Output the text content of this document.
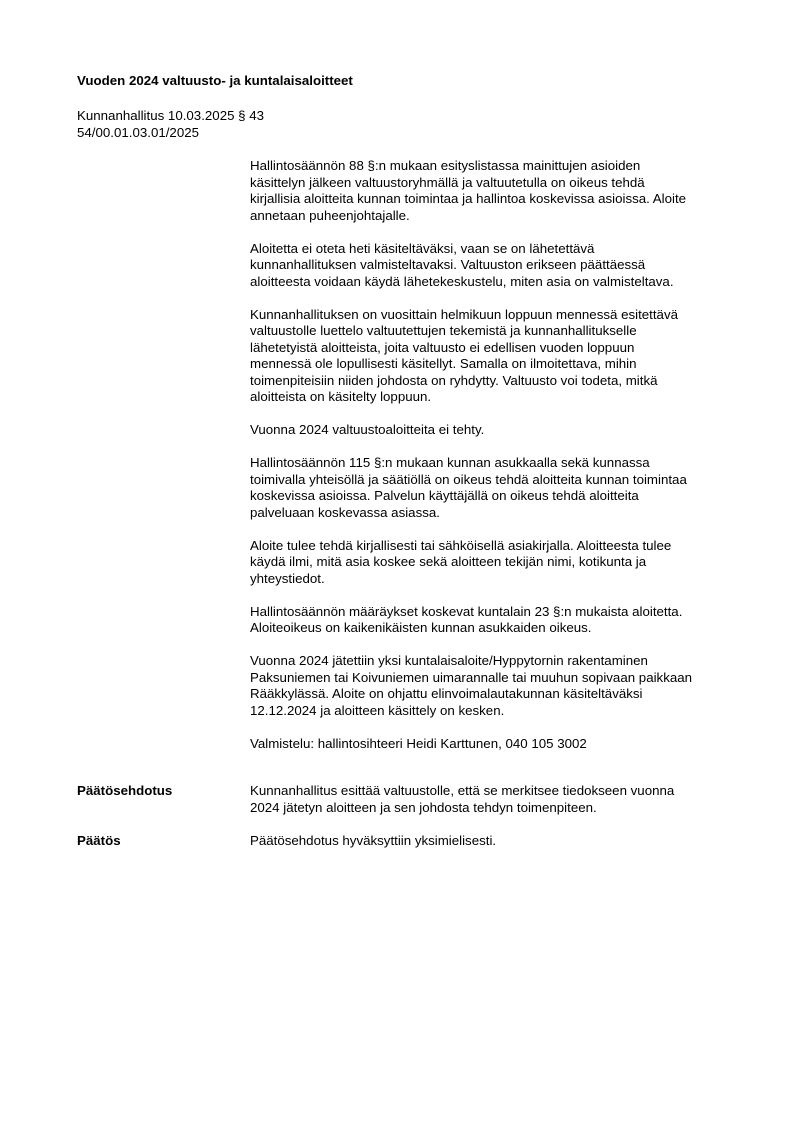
Vuoden 2024 valtuusto- ja kuntalaisaloitteet
Kunnanhallitus 10.03.2025 § 43
54/00.01.03.01/2025
Hallintosäännön 88 §:n mukaan esityslistassa mainittujen asioiden
käsittelyn jälkeen valtuustoryhmällä ja valtuutetulla on oikeus tehdä
kirjallisia aloitteita kunnan toimintaa ja hallintoa koskevissa asioissa. Aloite
annetaan puheenjohtajalle.
Aloitetta ei oteta heti käsiteltäväksi, vaan se on lähetettävä
kunnanhallituksen valmisteltavaksi. Valtuuston erikseen päättäessä
aloitteesta voidaan käydä lähetekeskustelu, miten asia on valmisteltava.
Kunnanhallituksen on vuosittain helmikuun loppuun mennessä esitettävä
valtuustolle luettelo valtuutettujen tekemistä ja kunnanhallitukselle
lähetetyistä aloitteista, joita valtuusto ei edellisen vuoden loppuun
mennessä ole lopullisesti käsitellyt. Samalla on ilmoitettava, mihin
toimenpiteisiin niiden johdosta on ryhdytty. Valtuusto voi todeta, mitkä
aloitteista on käsitelty loppuun.
Vuonna 2024 valtuustoaloitteita ei tehty.
Hallintosäännön 115 §:n mukaan kunnan asukkaalla sekä kunnassa
toimivalla yhteisöllä ja säätiöllä on oikeus tehdä aloitteita kunnan toimintaa
koskevissa asioissa. Palvelun käyttäjällä on oikeus tehdä aloitteita
palveluaan koskevassa asiassa.
Aloite tulee tehdä kirjallisesti tai sähköisellä asiakirjalla. Aloitteesta tulee
käydä ilmi, mitä asia koskee sekä aloitteen tekijän nimi, kotikunta ja
yhteystiedot.
Hallintosäännön määräykset koskevat kuntalain 23 §:n mukaista aloitetta.
Aloiteoikeus on kaikenikäisten kunnan asukkaiden oikeus.
Vuonna 2024 jätettiin yksi kuntalaisaloite/Hyppytornin rakentaminen
Paksuniemen tai Koivuniemen uimarannalle tai muuhun sopivaan paikkaan
Rääkkylässä. Aloite on ohjattu elinvoimalautakunnan käsiteltäväksi
12.12.2024 ja aloitteen käsittely on kesken.
Valmistelu: hallintosihteeri Heidi Karttunen, 040 105 3002
Päätösehdotus	Kunnanhallitus esittää valtuustolle, että se merkitsee tiedokseen vuonna
2024 jätetyn aloitteen ja sen johdosta tehdyn toimenpiteen.
Päätös	Päätösehdotus hyväksyttiin yksimielisesti.
